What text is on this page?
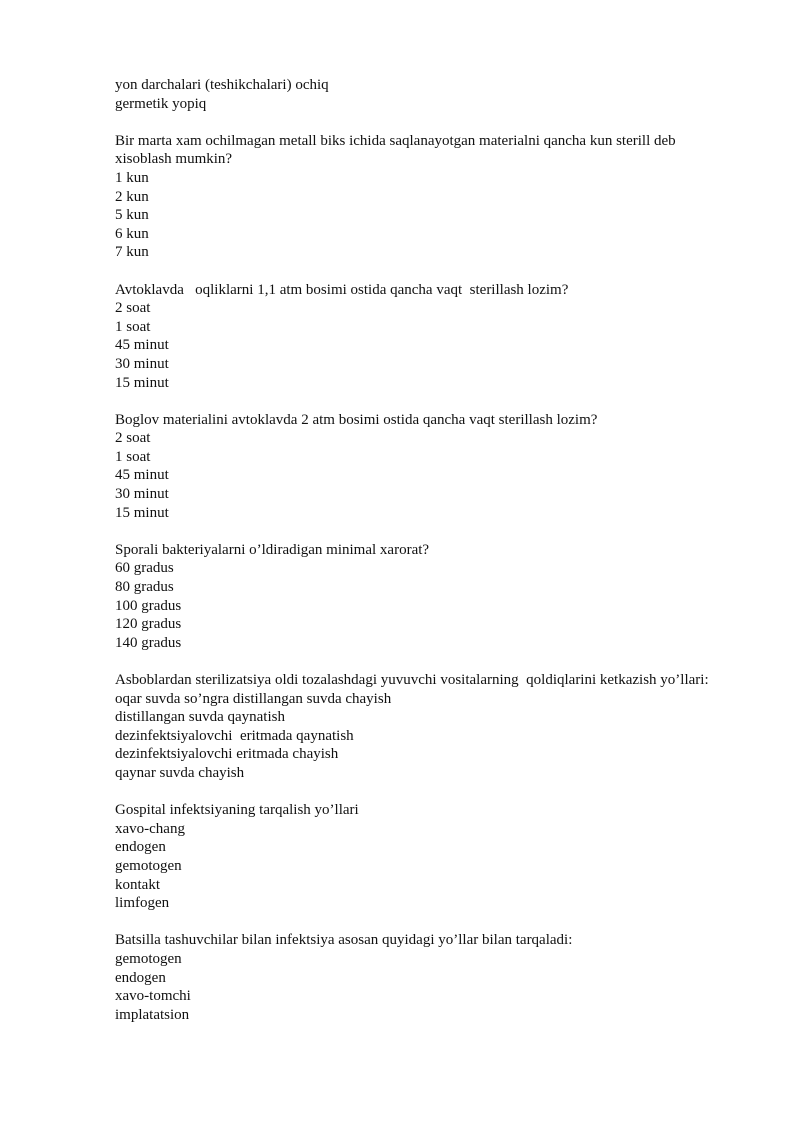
yon darchalari (teshikchalari) ochiq

germetik yopiq

Bir marta xam ochilmagan metall biks ichida saqlanayotgan materialni qancha kun sterill deb xisoblash mumkin?

1 kun

2 kun

5 kun

6 kun

7 kun

Avtoklavda   oqliklarni 1,1 atm bosimi ostida qancha vaqt  sterillash lozim?

2 soat

1 soat

45 minut

30 minut

15 minut

Boglov materialini avtoklavda 2 atm bosimi ostida qancha vaqt sterillash lozim?

2 soat

1 soat

45 minut

30 minut

15 minut

Sporali bakteriyalarni o’ldiradigan minimal xarorat?

60 gradus

80 gradus

100 gradus

120 gradus

140 gradus

Asboblardan sterilizatsiya oldi tozalashdagi yuvuvchi vositalarning  qoldiqlarini ketkazish yo’llari:

oqar suvda so’ngra distillangan suvda chayish

distillangan suvda qaynatish

dezinfektsiyalovchi  eritmada qaynatish

dezinfektsiyalovchi eritmada chayish

qaynar suvda chayish

Gospital infektsiyaning tarqalish yo’llari

xavo-chang

endogen

gemotogen

kontakt

limfogen

Batsilla tashuvchilar bilan infektsiya asosan quyidagi yo’llar bilan tarqaladi:

gemotogen

endogen

xavo-tomchi

implatatsion
